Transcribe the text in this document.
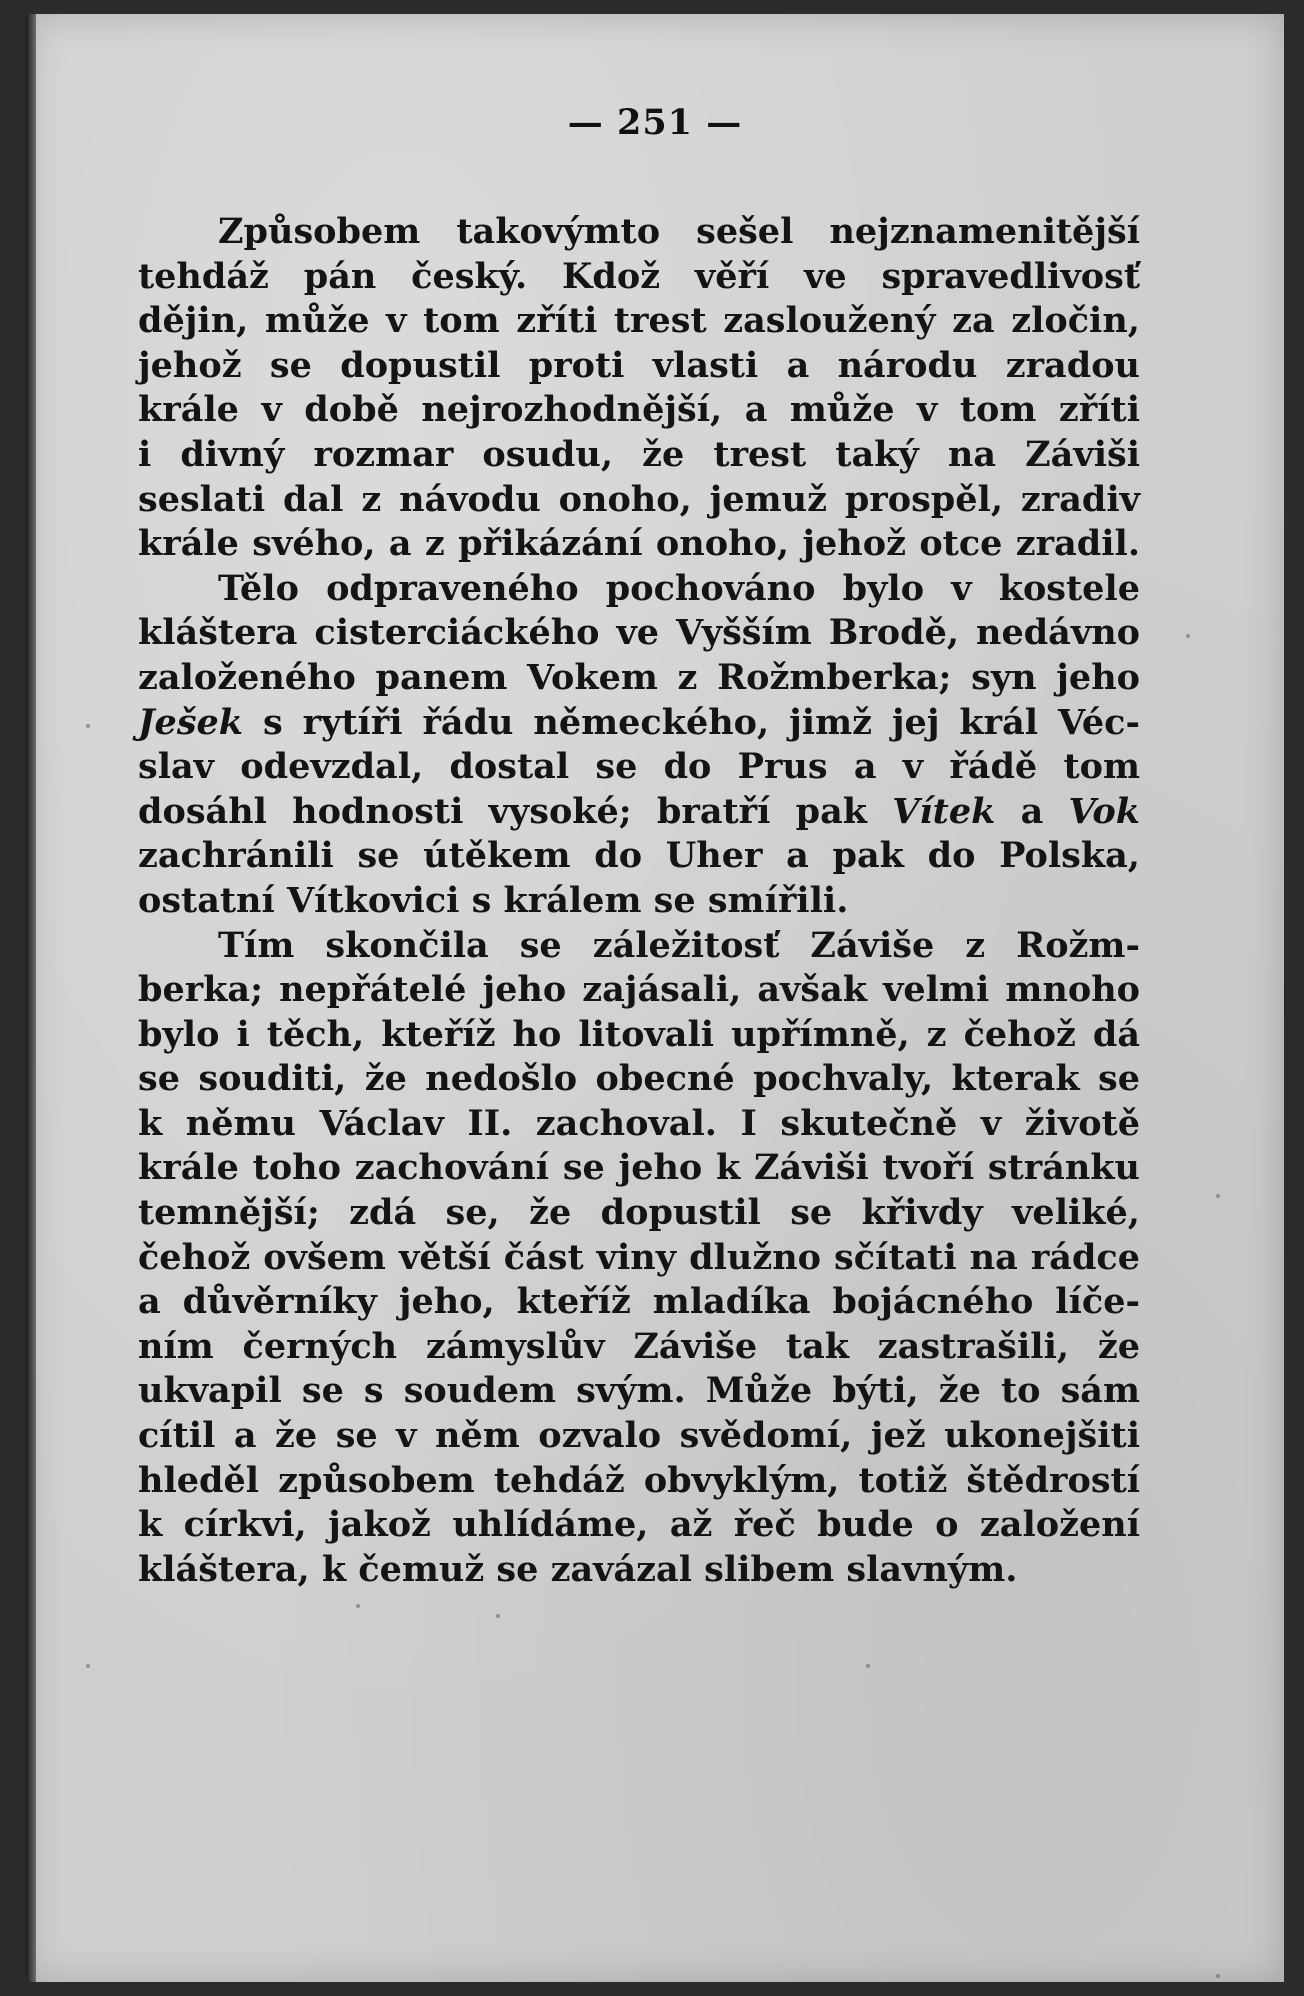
— 251 —
Způsobem takovýmto sešel nejznamenitější
tehdáž pán český. Kdož věří ve spravedlivosť
dějin, může v tom zříti trest zasloužený za zločin,
jehož se dopustil proti vlasti a národu zradou
krále v době nejrozhodnější, a může v tom zříti
i divný rozmar osudu, že trest taký na Záviši
seslati dal z návodu onoho, jemuž prospěl, zradiv
krále svého, a z přikázání onoho, jehož otce zradil.
Tělo odpraveného pochováno bylo v kostele
kláštera cisterciáckého ve Vyšším Brodě, nedávno
založeného panem Vokem z Rožmberka; syn jeho
Ješek s rytíři řádu německého, jimž jej král Véc-
slav odevzdal, dostal se do Prus a v řádě tom
dosáhl hodnosti vysoké; bratří pak Vítek a Vok
zachránili se útěkem do Uher a pak do Polska,
ostatní Vítkovici s králem se smířili.
Tím skončila se záležitosť Záviše z Rožm-
berka; nepřátelé jeho zajásali, avšak velmi mnoho
bylo i těch, kteříž ho litovali upřímně, z čehož dá
se souditi, že nedošlo obecné pochvaly, kterak se
k němu Václav II. zachoval. I skutečně v životě
krále toho zachování se jeho k Záviši tvoří stránku
temnější; zdá se, že dopustil se křivdy veliké,
čehož ovšem větší část viny dlužno sčítati na rádce
a důvěrníky jeho, kteříž mladíka bojácného líče-
ním černých zámyslův Záviše tak zastrašili, že
ukvapil se s soudem svým. Může býti, že to sám
cítil a že se v něm ozvalo svědomí, jež ukonejšiti
hleděl způsobem tehdáž obvyklým, totiž štědrostí
k církvi, jakož uhlídáme, až řeč bude o založení
kláštera, k čemuž se zavázal slibem slavným.
